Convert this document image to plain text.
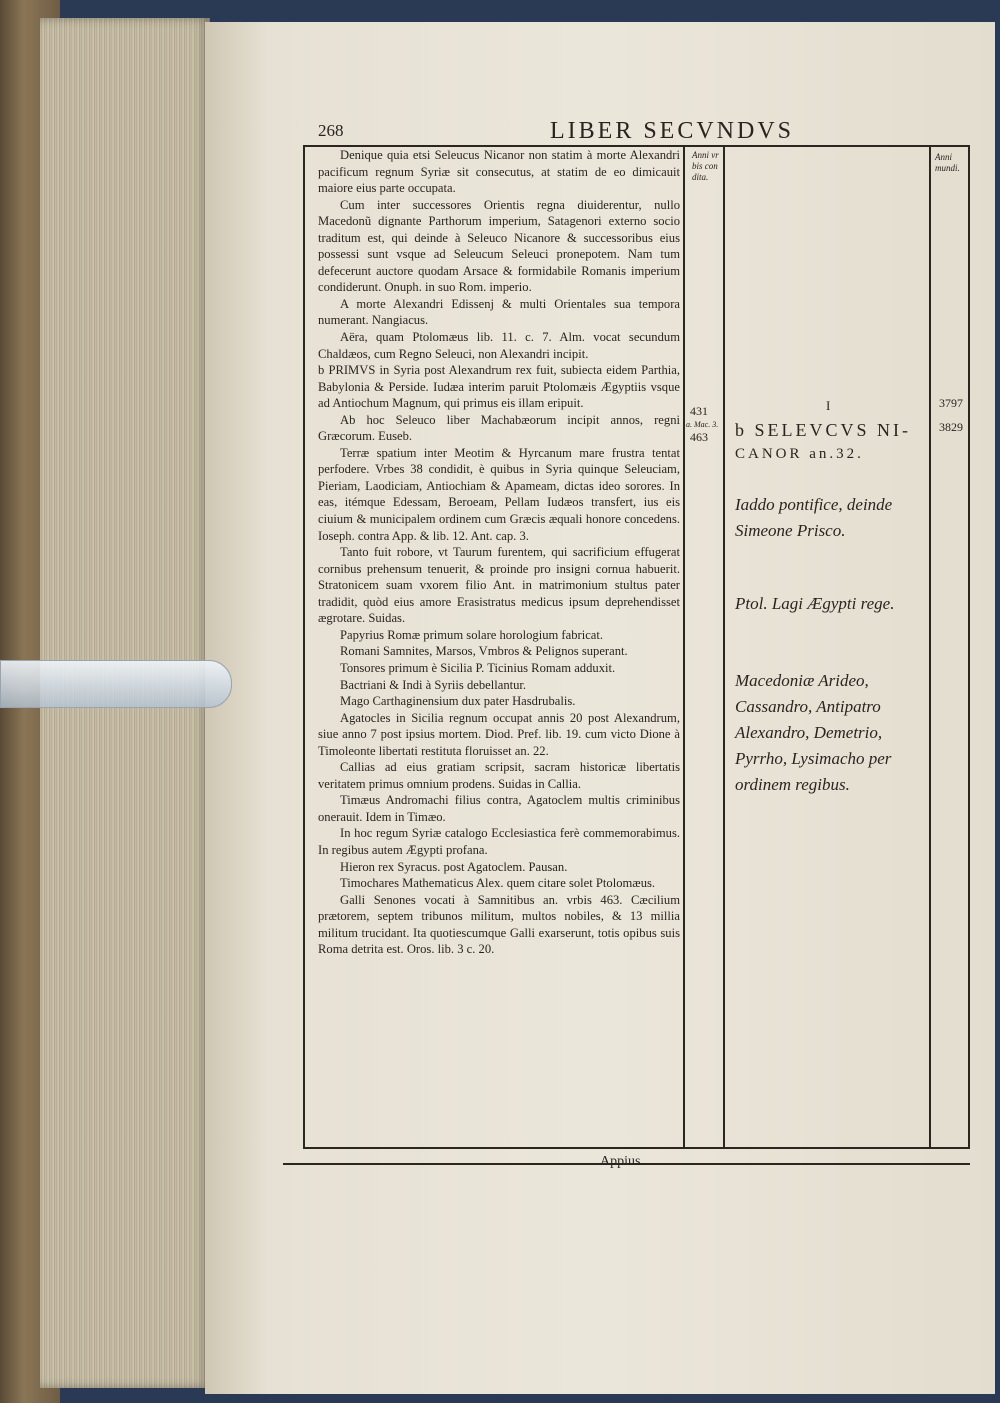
268	LIBER SECVNDVS
Anni vr bis con dita.
Anni mundi.

Denique quia etsi Seleucus Nicanor non statim à morte Alexandri pacificum regnum Syriæ sit consecutus, at statim de eo dimicauit maiore eius parte occupata.

Cum inter successores Orientis regna diuiderentur, nullo Macedonũ dignante Parthorum imperium, Satagenori externo socio traditum est, qui deinde à Seleuco Nicanore & successoribus eius possessi sunt vsque ad Seleucum Seleuci pronepotem. Nam tum defecerunt auctore quodam Arsace & formidabile Romanis imperium condiderunt. Onuph. in suo Rom. imperio.

A morte Alexandri Edissenj & multi Orientales sua tempora numerant. Nangiacus.

Aëra, quam Ptolomæus lib. 11. c. 7. Alm. vocat secundum Chaldæos, cum Regno Seleuci, non Alexandri incipit.

b PRIMVS in Syria post Alexandrum rex fuit, subiecta eidem Parthia, Babylonia & Perside. Iudæa interim paruit Ptolomæis Ægyptiis vsque ad Antiochum Magnum, qui primus eis illam eripuit.

Ab hoc Seleuco liber Machabæorum incipit annos, regni Græcorum. Euseb.

Terræ spatium inter Meotim & Hyrcanum mare frustra tentat perfodere. Vrbes 38 condidit, è quibus in Syria quinque Seleuciam, Pieriam, Laodiciam, Antiochiam & Apameam, dictas ideo sorores. In eas, itémque Edessam, Beroeam, Pellam Iudæos transfert, ius eis ciuium & municipalem ordinem cum Græcis æquali honore concedens. Ioseph. contra App. & lib. 12. Ant. cap. 3.

Tanto fuit robore, vt Taurum furentem, qui sacrificium effugerat cornibus prehensum tenuerit, & proinde pro insigni cornua habuerit. Stratonicem suam vxorem filio Ant. in matrimonium stultus pater tradidit, quòd eius amore Erasistratus medicus ipsum deprehendisset ægrotare. Suidas.

Papyrius Romæ primum solare horologium fabricat.

Romani Samnites, Marsos, Vmbros & Pelignos superant.

Tonsores primum è Sicilia P. Ticinius Romam adduxit.

Bactriani & Indi à Syriis debellantur.

Mago Carthaginensium dux pater Hasdrubalis.

Agatocles in Sicilia regnum occupat annis 20 post Alexandrum, siue anno 7 post ipsius mortem. Diod. Pref. lib. 19. cum victo Dione à Timoleonte libertati restituta floruisset an. 22.

Callias ad eius gratiam scripsit, sacram historicæ libertatis veritatem primus omnium prodens. Suidas in Callia.

Timæus Andromachi filius contra, Agatoclem multis criminibus onerauit. Idem in Timæo.

In hoc regum Syriæ catalogo Ecclesiastica ferè commemorabimus. In regibus autem Ægypti profana.

Hieron rex Syracus. post Agatoclem. Pausan.

Timochares Mathematicus Alex. quem citare solet Ptolomæus.

Galli Senones vocati à Samnitibus an. vrbis 463. Cæcilium prætorem, septem tribunos militum, multos nobiles, & 13 millia militum trucidant. Ita quotiescumque Galli exarserunt, totis opibus suis Roma detrita est. Oros. lib. 3 c. 20.

431
a. Mac. 3.
463
3797
3829
I
b SELEVCVS NI-
CANOR an.32.
Iaddo pontifice, deinde Simeone Prisco.
Ptol. Lagi Ægypti rege.
Macedoniæ Arideo, Cassandro, Antipatro Alexandro, Demetrio, Pyrrho, Lysimacho per ordinem regibus.
Appius
